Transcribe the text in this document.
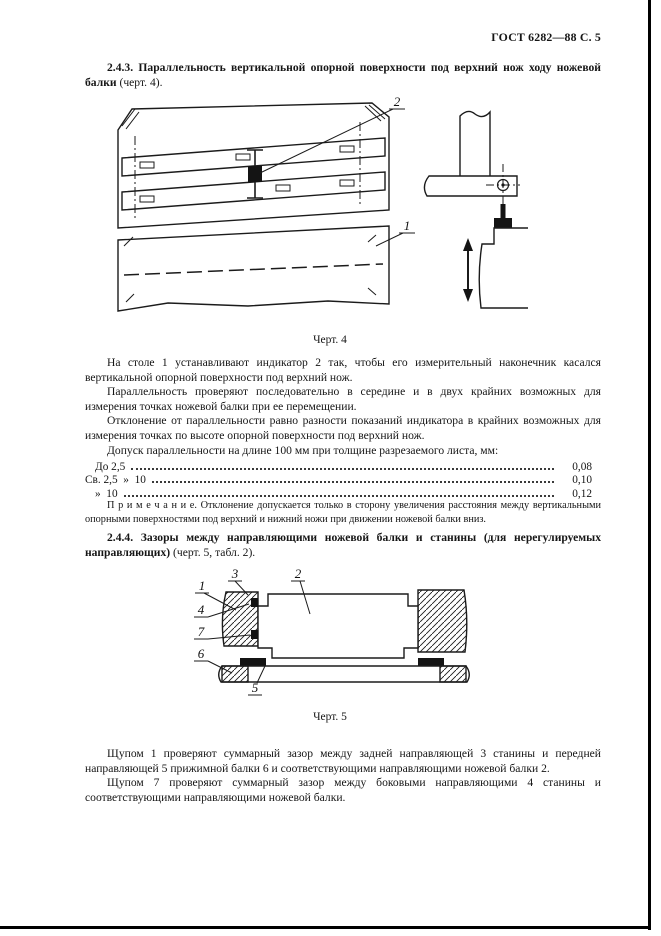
ГОСТ 6282—88 С. 5

2.4.3. Параллельность вертикальной опорной поверхности под верхний нож ходу ножевой балки (черт. 4).

2
1
Черт. 4

На столе 1 устанавливают индикатор 2 так, чтобы его измерительный наконечник касался вертикальной опорной поверхности под верхний нож.

Параллельность проверяют последовательно в середине и в двух крайних возможных для измерения точках ножевой балки при ее перемещении.

Отклонение от параллельности равно разности показаний индикатора в крайних возможных для измерения точках по высоте опорной поверхности под верхний нож.

Допуск параллельности на длине 100 мм при толщине разрезаемого листа, мм:

До 2,5	0,08
Св. 2,5  »  10	0,10
»  10	0,12

П р и м е ч а н и е. Отклонение допускается только в сторону увеличения расстояния между вертикальными опорными поверхностями под верхний и нижний ножи при движении ножевой балки вниз.

2.4.4. Зазоры между направляющими ножевой балки и станины (для нерегулируемых направляющих) (черт. 5, табл. 2).

3
1
2
4
7
6
5
Черт. 5

Щупом 1 проверяют суммарный зазор между задней направляющей 3 станины и передней направляющей 5 прижимной балки 6 и соответствующими направляющими ножевой балки 2.

Щупом 7 проверяют суммарный зазор между боковыми направляющими 4 станины и соответствующими направляющими ножевой балки.
